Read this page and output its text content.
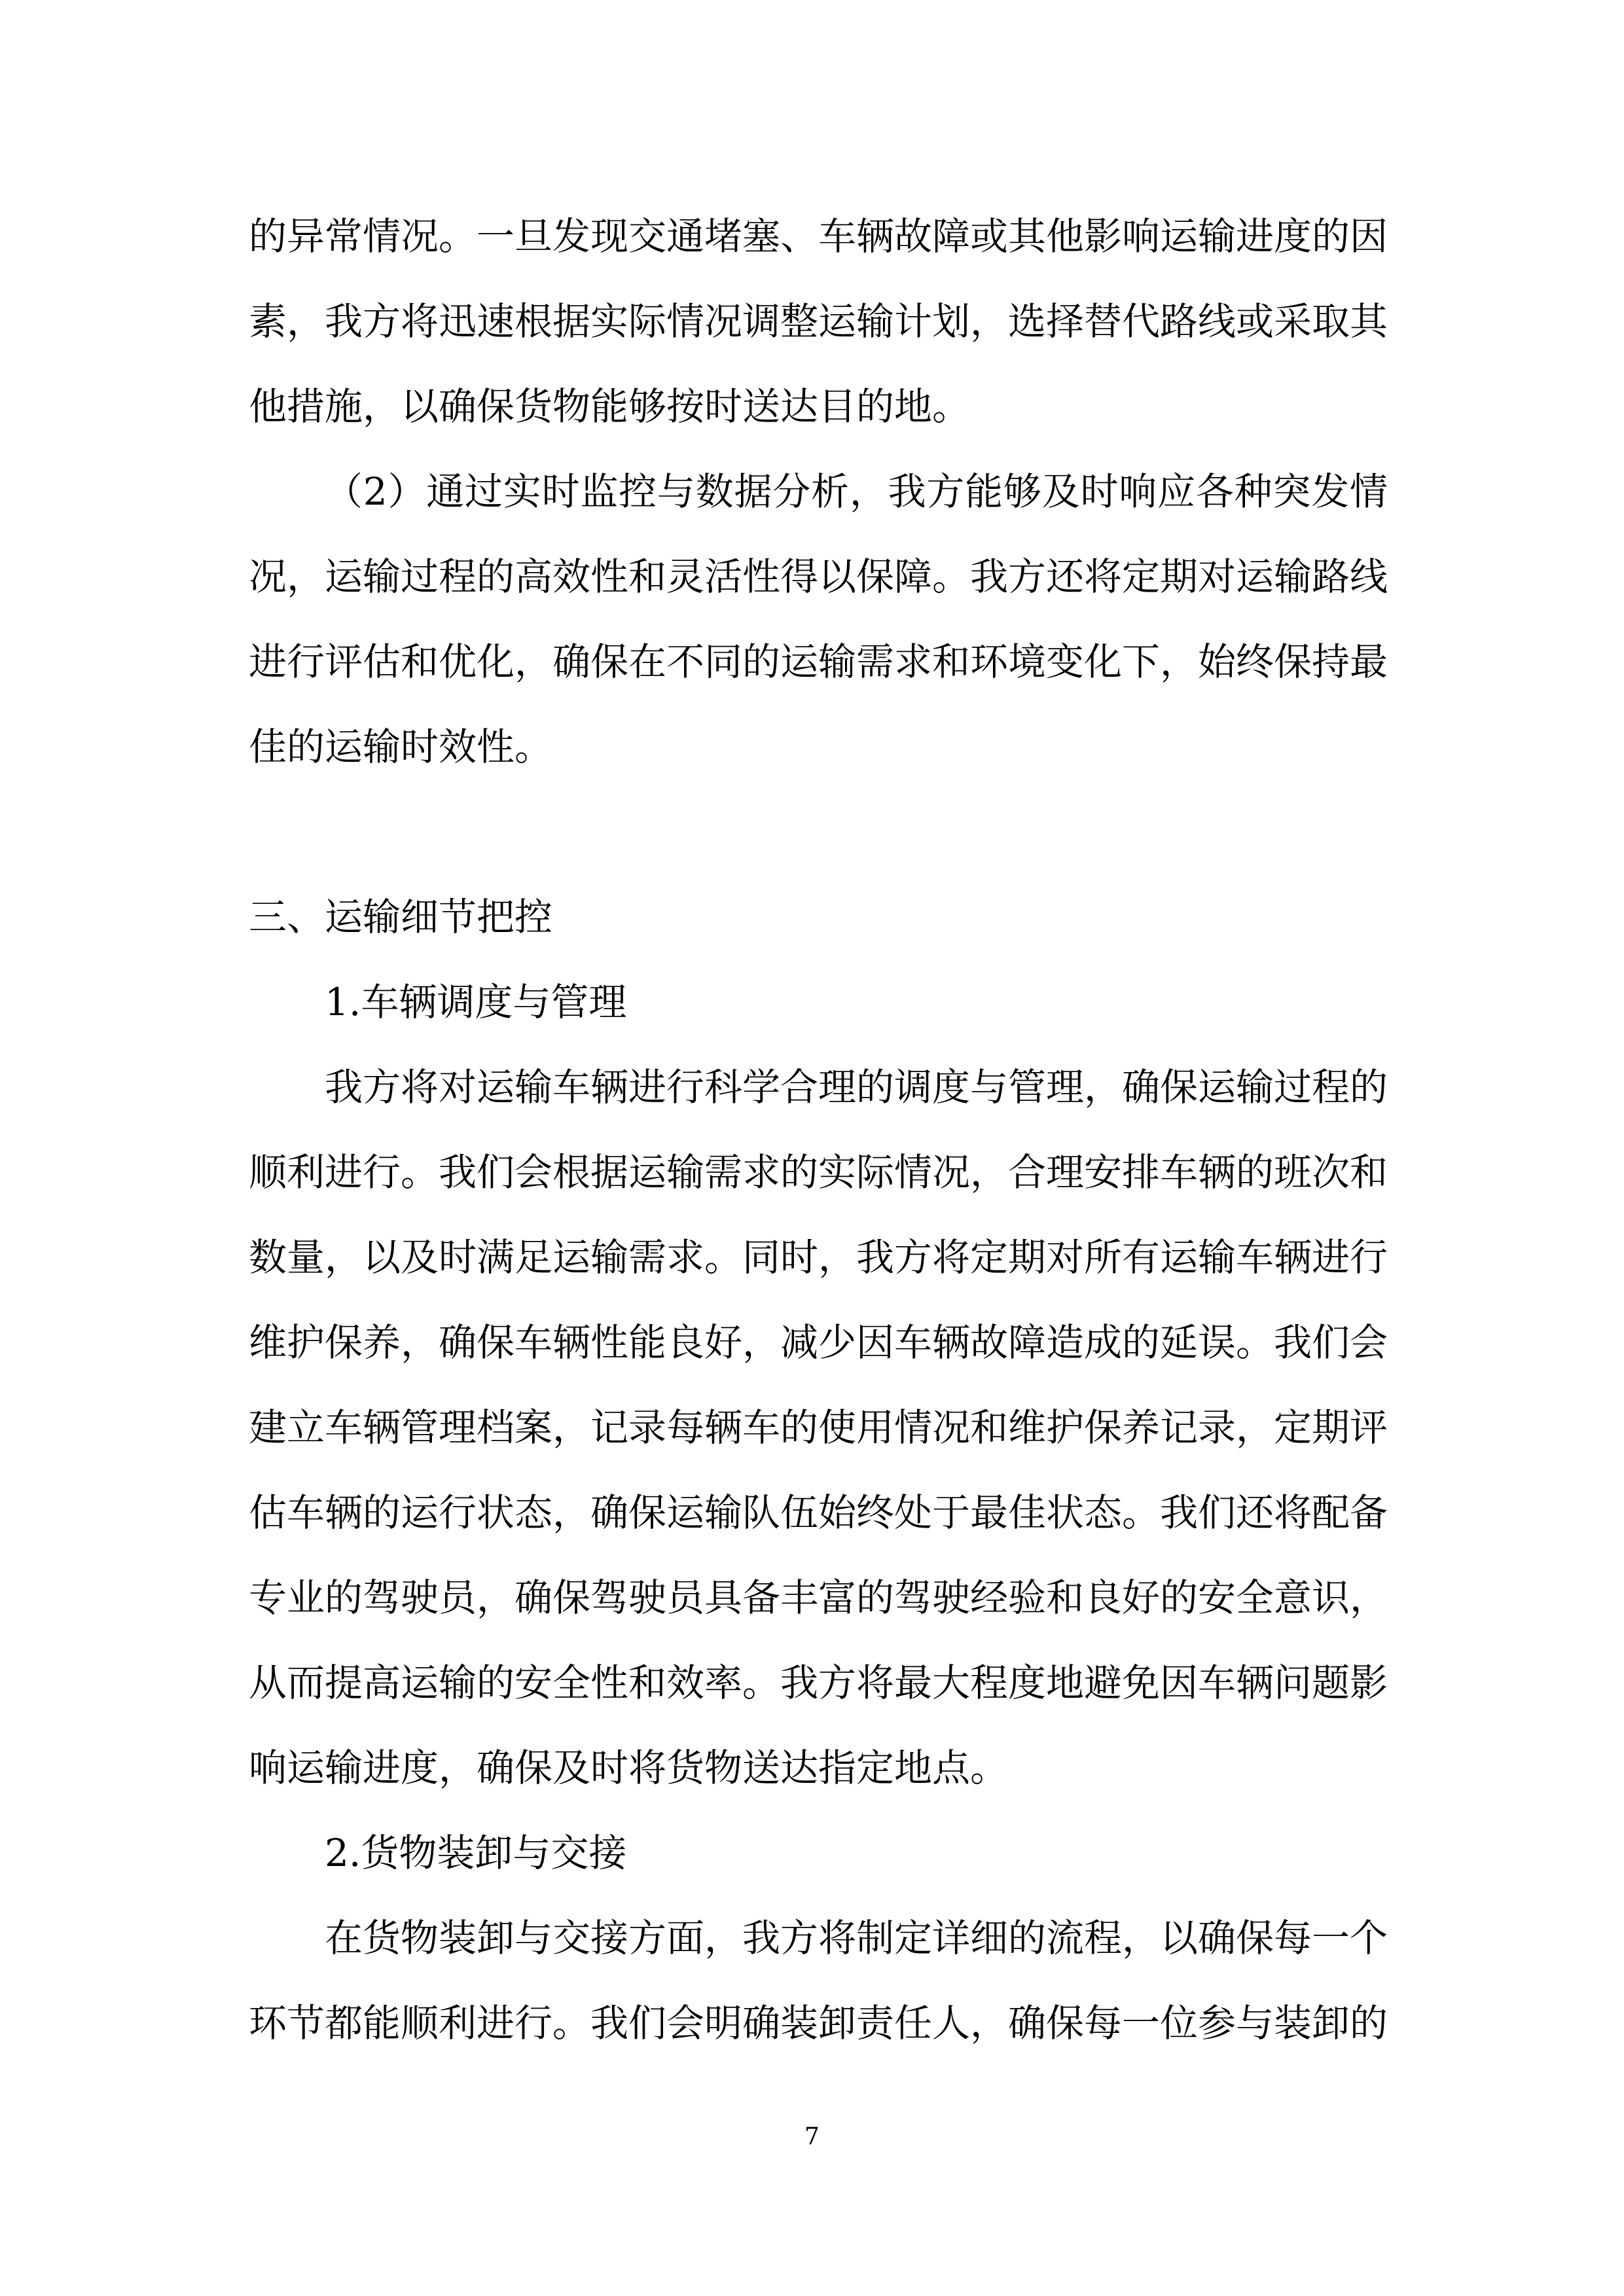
的异常情况。一旦发现交通堵塞、车辆故障或其他影响运输进度的因素，我方将迅速根据实际情况调整运输计划，选择替代路线或采取其他措施，以确保货物能够按时送达目的地。

（2）通过实时监控与数据分析，我方能够及时响应各种突发情况，运输过程的高效性和灵活性得以保障。我方还将定期对运输路线进行评估和优化，确保在不同的运输需求和环境变化下，始终保持最佳的运输时效性。

三、运输细节把控

1.车辆调度与管理

我方将对运输车辆进行科学合理的调度与管理，确保运输过程的顺利进行。我们会根据运输需求的实际情况，合理安排车辆的班次和数量，以及时满足运输需求。同时，我方将定期对所有运输车辆进行维护保养，确保车辆性能良好，减少因车辆故障造成的延误。我们会建立车辆管理档案，记录每辆车的使用情况和维护保养记录，定期评估车辆的运行状态，确保运输队伍始终处于最佳状态。我们还将配备专业的驾驶员，确保驾驶员具备丰富的驾驶经验和良好的安全意识，从而提高运输的安全性和效率。我方将最大程度地避免因车辆问题影响运输进度，确保及时将货物送达指定地点。

2.货物装卸与交接

在货物装卸与交接方面，我方将制定详细的流程，以确保每一个环节都能顺利进行。我们会明确装卸责任人，确保每一位参与装卸的

7
